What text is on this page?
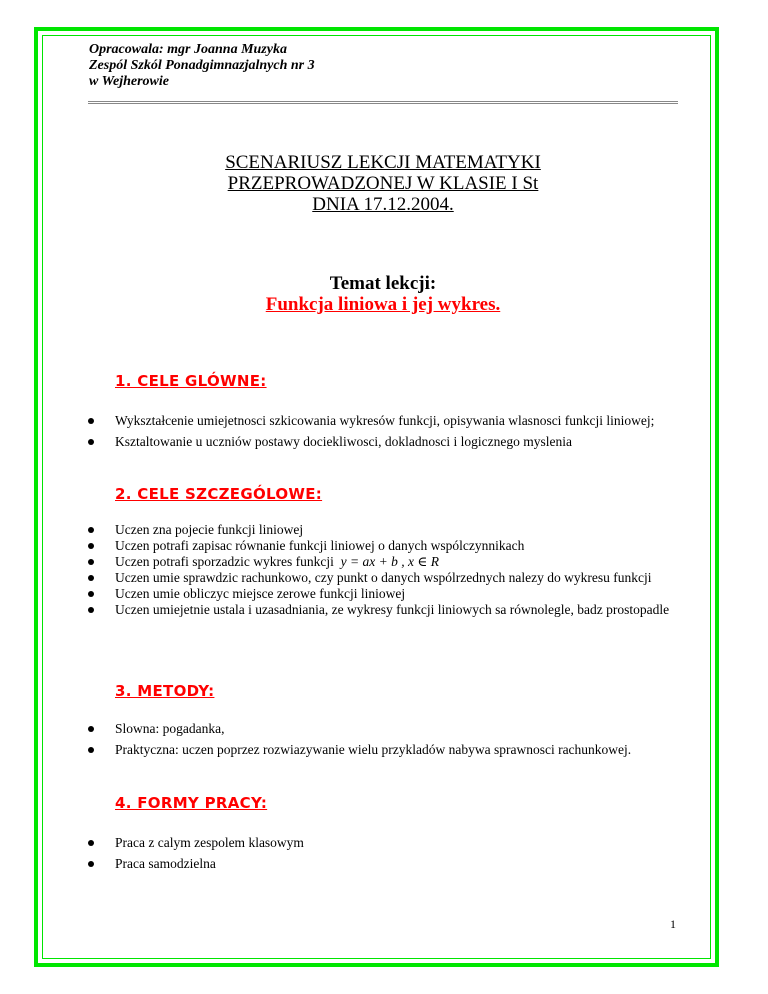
Opracowala: mgr Joanna Muzyka
Zespól Szkól Ponadgimnazjalnych nr 3
w Wejherowie
SCENARIUSZ LEKCJI MATEMATYKI
PRZEPROWADZONEJ W KLASIE I St
DNIA 17.12.2004.
Temat lekcji:
Funkcja liniowa i jej wykres.
1. CELE GLÓWNE:
Wykształcenie umiejetnosci szkicowania wykresów funkcji, opisywania wlasnosci funkcji liniowej;
Ksztaltowanie u uczniów postawy dociekliwosci, dokladnosci i logicznego myslenia
2. CELE SZCZEGÓLOWE:
Uczen zna pojecie funkcji liniowej
Uczen potrafi zapisac równanie funkcji liniowej o danych wspólczynnikach
Uczen potrafi sporzadzic wykres funkcji y = ax + b , x ∈ R
Uczen umie sprawdzic rachunkowo, czy punkt o danych wspólrzednych nalezy do wykresu funkcji
Uczen umie obliczyc miejsce zerowe funkcji liniowej
Uczen umiejetnie ustala i uzasadniania, ze wykresy funkcji liniowych sa równolegle, badz prostopadle
3. METODY:
Slowna: pogadanka,
Praktyczna: uczen poprzez rozwiazywanie wielu przykladów nabywa sprawnosci rachunkowej.
4. FORMY PRACY:
Praca z calym zespolem klasowym
Praca samodzielna
1
